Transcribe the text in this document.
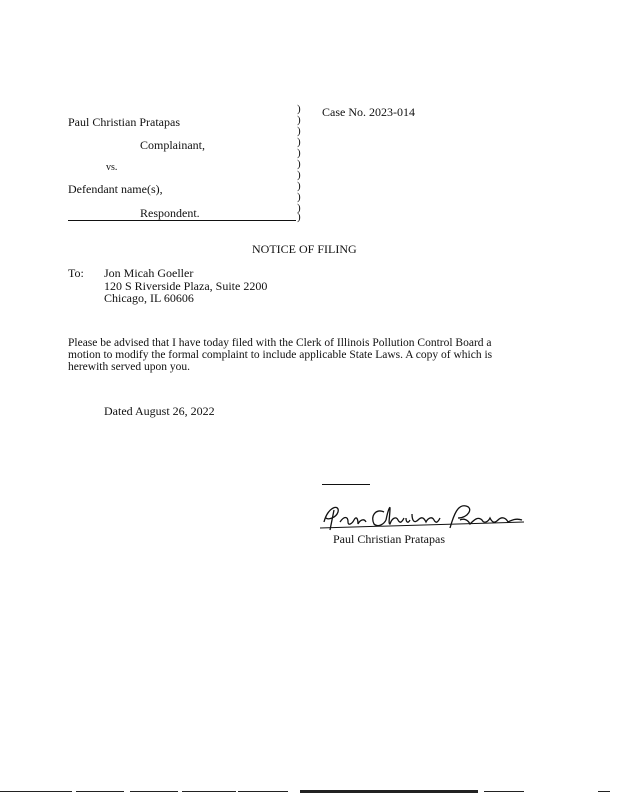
Paul Christian Pratapas
Complainant,
vs.
Defendant name(s),
Respondent.
)
)
)
)
)
)
)
)
)
)
)
Case No. 2023-014
NOTICE OF FILING
To: Jon Micah Goeller
120 S Riverside Plaza, Suite 2200
Chicago, IL 60606
Please be advised that I have today filed with the Clerk of Illinois Pollution Control Board a
motion to modify the formal complaint to include applicable State Laws. A copy of which is
herewith served upon you.
Dated August 26, 2022
Paul Christian Pratapas
